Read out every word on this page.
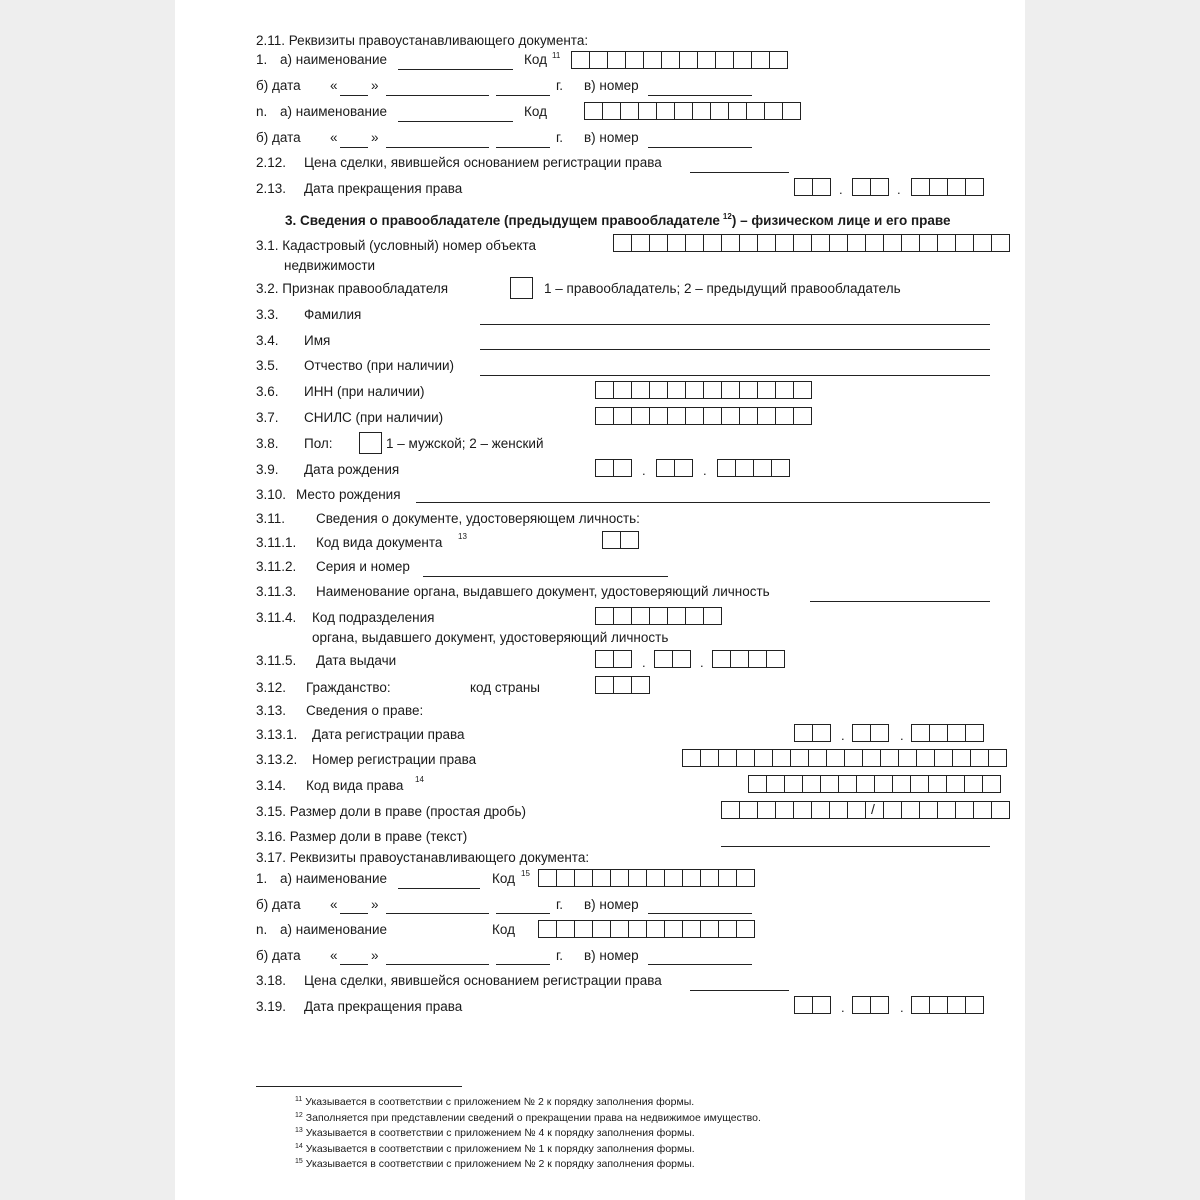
2.11. Реквизиты правоустанавливающего документа:
1. а) наименование	Код 11
б) дата « »	г. в) номер
n. а) наименование	Код
б) дата « »	г. в) номер
2.12. Цена сделки, явившейся основанием регистрации права
2.13. Дата прекращения права	.	.
3. Сведения о правообладателе (предыдущем правообладателе $^{12}$) – физическом лице и его праве
3.1. Кадастровый (условный) номер объекта
недвижимости
3.2. Признак правообладателя	1 – правообладатель; 2 – предыдущий правообладатель
3.3. Фамилия
3.4. Имя
3.5. Отчество (при наличии)
3.6. ИНН (при наличии)
3.7. СНИЛС (при наличии)
3.8. Пол:	1 – мужской; 2 – женский
3.9. Дата рождения	.	.
3.10. Место рождения
3.11. Сведения о документе, удостоверяющем личность:
3.11.1. Код вида документа 13
3.11.2. Серия и номер
3.11.3. Наименование органа, выдавшего документ, удостоверяющий личность
3.11.4. Код подразделения
органа, выдавшего документ, удостоверяющий личность
3.11.5. Дата выдачи	.	.
3.12. Гражданство:	код страны
3.13. Сведения о праве:
3.13.1. Дата регистрации права	.	.
3.13.2. Номер регистрации права
3.14. Код вида права 14
3.15. Размер доли в праве (простая дробь)
/
3.16. Размер доли в праве (текст)
3.17. Реквизиты правоустанавливающего документа:
1. а) наименование	Код 15
б) дата « »	г. в) номер
n. а) наименование	Код
б) дата « »	г. в) номер
3.18. Цена сделки, явившейся основанием регистрации права
3.19. Дата прекращения права	.	.
$^{11}$ Указывается в соответствии с приложением № 2 к порядку заполнения формы.
$^{12}$ Заполняется при представлении сведений о прекращении права на недвижимое имущество.
$^{13}$ Указывается в соответствии с приложением № 4 к порядку заполнения формы.
$^{14}$ Указывается в соответствии с приложением № 1 к порядку заполнения формы.
$^{15}$ Указывается в соответствии с приложением № 2 к порядку заполнения формы.
